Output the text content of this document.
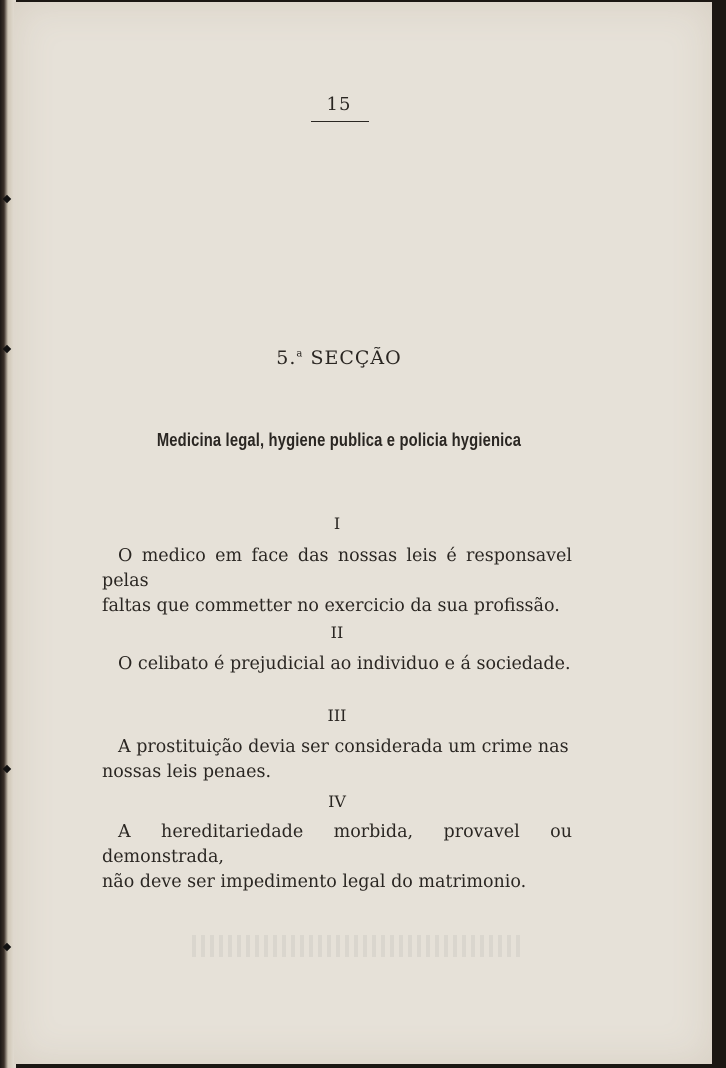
15
5.$^a$ SECÇÃO
Medicina legal, hygiene publica e policia hygienica
I
O medico em face das nossas leis é responsavel pelas
faltas que commetter no exercicio da sua profissão.
II
O celibato é prejudicial ao individuo e á sociedade.
III
A prostituição devia ser considerada um crime nas
nossas leis penaes.
IV
A hereditariedade morbida, provavel ou demonstrada,
não deve ser impedimento legal do matrimonio.
